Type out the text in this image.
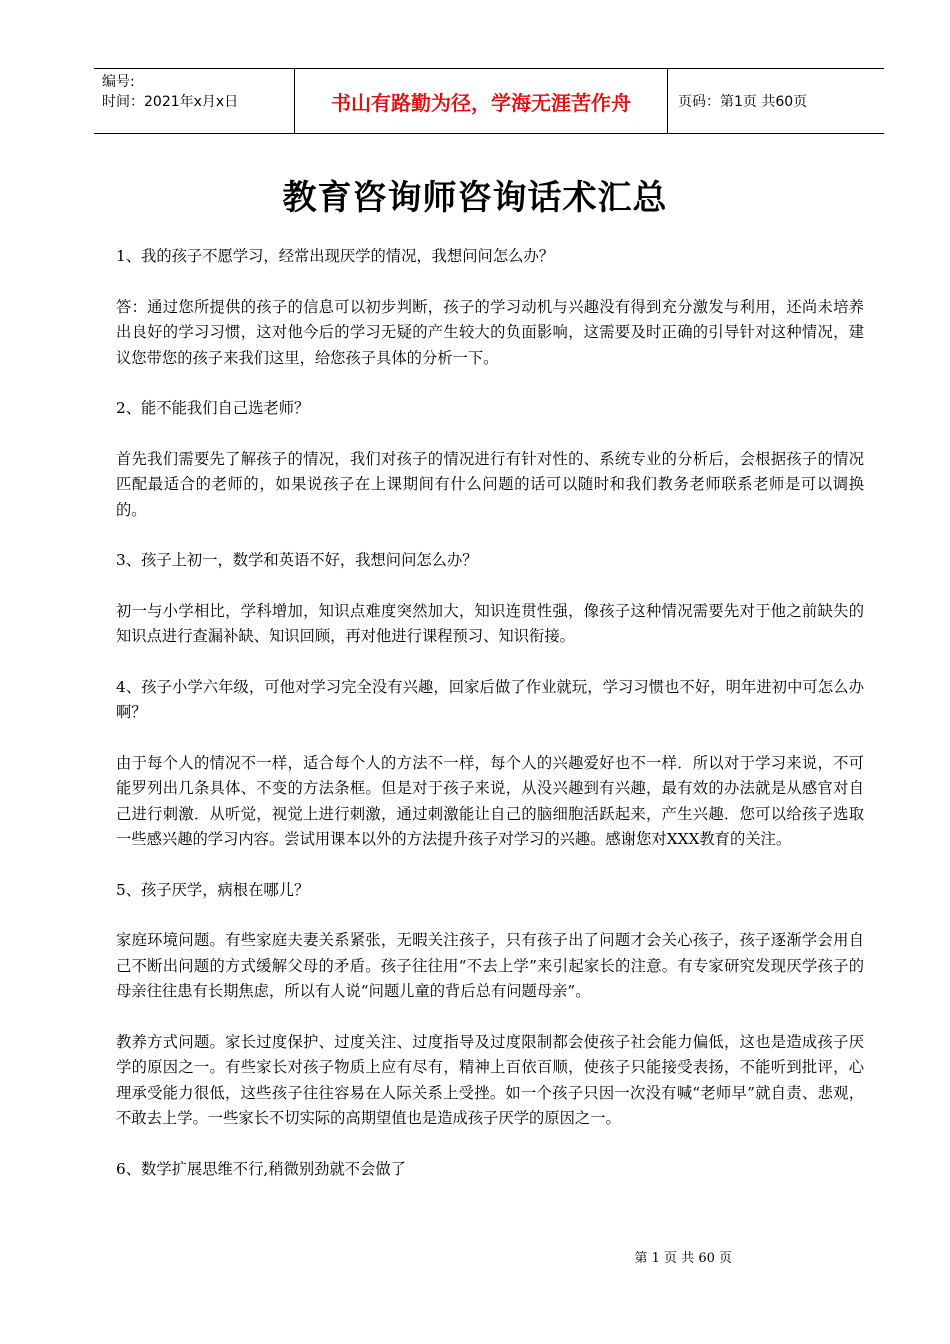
编号:
时间：2021年x月x日	书山有路勤为径，学海无涯苦作舟	页码：第1页 共60页
教育咨询师咨询话术汇总

1、我的孩子不愿学习，经常出现厌学的情况，我想问问怎么办？

答：通过您所提供的孩子的信息可以初步判断，孩子的学习动机与兴趣没有得到充分激发与利用，还尚未培养出良好的学习习惯，这对他今后的学习无疑的产生较大的负面影响，这需要及时正确的引导针对这种情况，建议您带您的孩子来我们这里，给您孩子具体的分析一下。

2、能不能我们自己选老师？

首先我们需要先了解孩子的情况，我们对孩子的情况进行有针对性的、系统专业的分析后，会根据孩子的情况匹配最适合的老师的，如果说孩子在上课期间有什么问题的话可以随时和我们教务老师联系老师是可以调换的。

3、孩子上初一，数学和英语不好，我想问问怎么办？

初一与小学相比，学科增加，知识点难度突然加大，知识连贯性强，像孩子这种情况需要先对于他之前缺失的知识点进行查漏补缺、知识回顾，再对他进行课程预习、知识衔接。

4、孩子小学六年级，可他对学习完全没有兴趣，回家后做了作业就玩，学习习惯也不好，明年进初中可怎么办啊？

由于每个人的情况不一样，适合每个人的方法不一样，每个人的兴趣爱好也不一样．所以对于学习来说，不可能罗列出几条具体、不变的方法条框。但是对于孩子来说，从没兴趣到有兴趣，最有效的办法就是从感官对自己进行刺激．从听觉，视觉上进行刺激，通过刺激能让自己的脑细胞活跃起来，产生兴趣．您可以给孩子选取一些感兴趣的学习内容。尝试用课本以外的方法提升孩子对学习的兴趣。感谢您对XXX教育的关注。

5、孩子厌学，病根在哪儿？

家庭环境问题。有些家庭夫妻关系紧张，无暇关注孩子，只有孩子出了问题才会关心孩子，孩子逐渐学会用自己不断出问题的方式缓解父母的矛盾。孩子往往用“不去上学”来引起家长的注意。有专家研究发现厌学孩子的母亲往往患有长期焦虑，所以有人说“问题儿童的背后总有问题母亲”。

教养方式问题。家长过度保护、过度关注、过度指导及过度限制都会使孩子社会能力偏低，这也是造成孩子厌学的原因之一。有些家长对孩子物质上应有尽有，精神上百依百顺，使孩子只能接受表扬，不能听到批评，心理承受能力很低，这些孩子往往容易在人际关系上受挫。如一个孩子只因一次没有喊“老师早”就自责、悲观，不敢去上学。一些家长不切实际的高期望值也是造成孩子厌学的原因之一。

6、数学扩展思维不行,稍微别劲就不会做了

第 1 页 共 60 页
